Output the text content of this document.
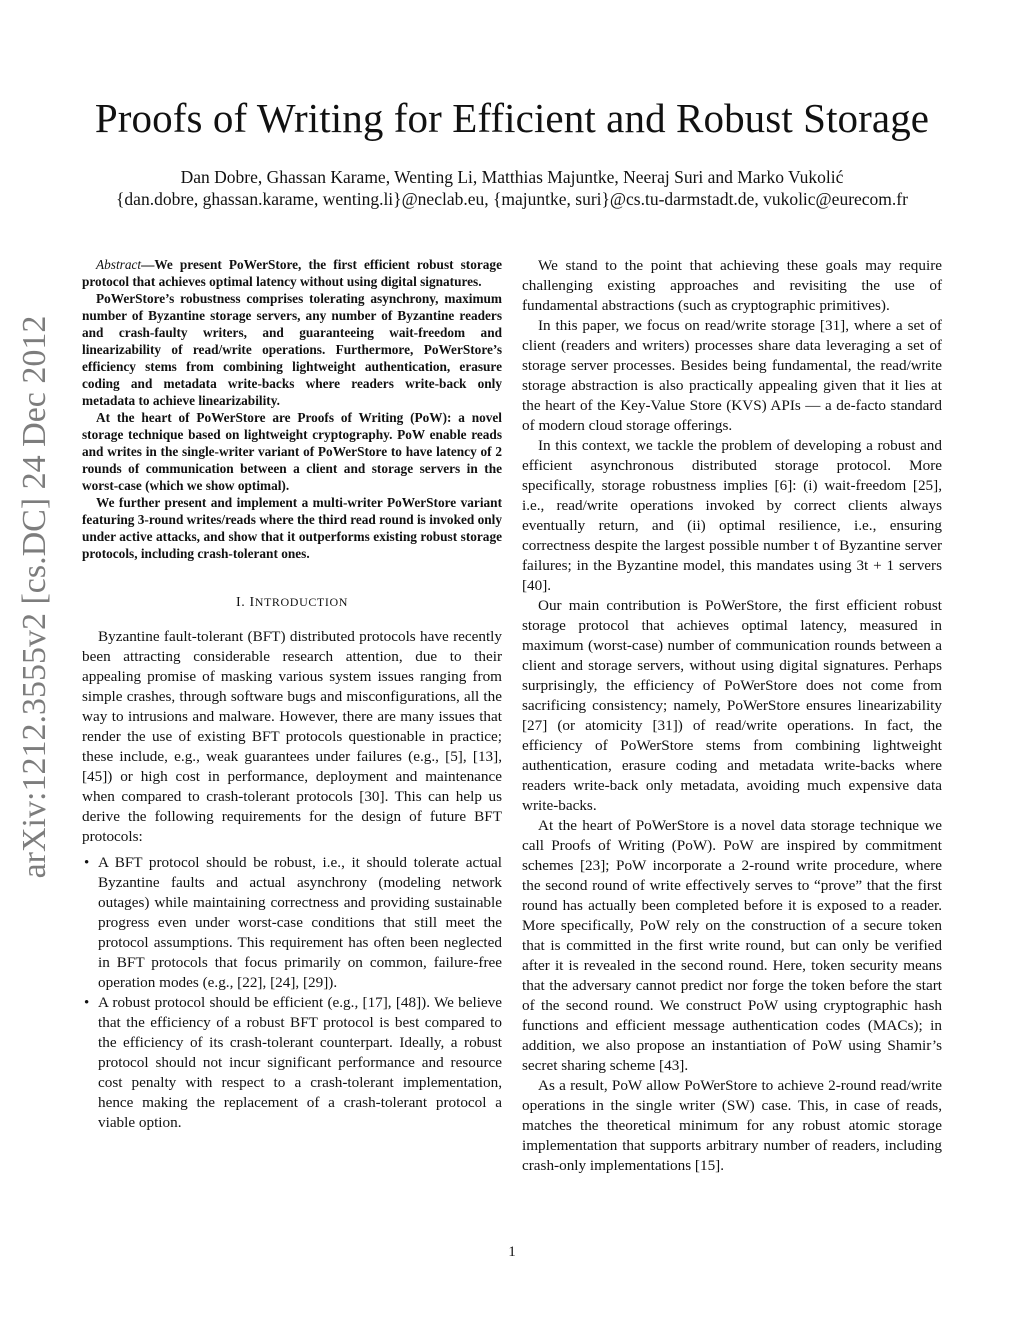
Proofs of Writing for Efficient and Robust Storage
Dan Dobre, Ghassan Karame, Wenting Li, Matthias Majuntke, Neeraj Suri and Marko Vukolić
{dan.dobre, ghassan.karame, wenting.li}@neclab.eu, {majuntke, suri}@cs.tu-darmstadt.de, vukolic@eurecom.fr
arXiv:1212.3555v2 [cs.DC] 24 Dec 2012

Abstract—We present PoWerStore, the first efficient robust storage protocol that achieves optimal latency without using digital signatures.

PoWerStore’s robustness comprises tolerating asynchrony, maximum number of Byzantine storage servers, any number of Byzantine readers and crash-faulty writers, and guaranteeing wait-freedom and linearizability of read/write operations. Furthermore, PoWerStore’s efficiency stems from combining lightweight authentication, erasure coding and metadata write-backs where readers write-back only metadata to achieve linearizability.

At the heart of PoWerStore are Proofs of Writing (PoW): a novel storage technique based on lightweight cryptography. PoW enable reads and writes in the single-writer variant of PoWerStore to have latency of 2 rounds of communication between a client and storage servers in the worst-case (which we show optimal).

We further present and implement a multi-writer PoWerStore variant featuring 3-round writes/reads where the third read round is invoked only under active attacks, and show that it outperforms existing robust storage protocols, including crash-tolerant ones.

I. INTRODUCTION

Byzantine fault-tolerant (BFT) distributed protocols have recently been attracting considerable research attention, due to their appealing promise of masking various system issues ranging from simple crashes, through software bugs and misconfigurations, all the way to intrusions and malware. However, there are many issues that render the use of existing BFT protocols questionable in practice; these include, e.g., weak guarantees under failures (e.g., [5], [13], [45]) or high cost in performance, deployment and maintenance when compared to crash-tolerant protocols [30]. This can help us derive the following requirements for the design of future BFT protocols:

• A BFT protocol should be robust, i.e., it should tolerate actual Byzantine faults and actual asynchrony (modeling network outages) while maintaining correctness and providing sustainable progress even under worst-case conditions that still meet the protocol assumptions. This requirement has often been neglected in BFT protocols that focus primarily on common, failure-free operation modes (e.g., [22], [24], [29]).
• A robust protocol should be efficient (e.g., [17], [48]). We believe that the efficiency of a robust BFT protocol is best compared to the efficiency of its crash-tolerant counterpart. Ideally, a robust protocol should not incur significant performance and resource cost penalty with respect to a crash-tolerant implementation, hence making the replacement of a crash-tolerant protocol a viable option.

We stand to the point that achieving these goals may require challenging existing approaches and revisiting the use of fundamental abstractions (such as cryptographic primitives).

In this paper, we focus on read/write storage [31], where a set of client (readers and writers) processes share data leveraging a set of storage server processes. Besides being fundamental, the read/write storage abstraction is also practically appealing given that it lies at the heart of the Key-Value Store (KVS) APIs — a de-facto standard of modern cloud storage offerings.

In this context, we tackle the problem of developing a robust and efficient asynchronous distributed storage protocol. More specifically, storage robustness implies [6]: (i) wait-freedom [25], i.e., read/write operations invoked by correct clients always eventually return, and (ii) optimal resilience, i.e., ensuring correctness despite the largest possible number t of Byzantine server failures; in the Byzantine model, this mandates using 3t + 1 servers [40].

Our main contribution is PoWerStore, the first efficient robust storage protocol that achieves optimal latency, measured in maximum (worst-case) number of communication rounds between a client and storage servers, without using digital signatures. Perhaps surprisingly, the efficiency of PoWerStore does not come from sacrificing consistency; namely, PoWerStore ensures linearizability [27] (or atomicity [31]) of read/write operations. In fact, the efficiency of PoWerStore stems from combining lightweight authentication, erasure coding and metadata write-backs where readers write-back only metadata, avoiding much expensive data write-backs.

At the heart of PoWerStore is a novel data storage technique we call Proofs of Writing (PoW). PoW are inspired by commitment schemes [23]; PoW incorporate a 2-round write procedure, where the second round of write effectively serves to “prove” that the first round has actually been completed before it is exposed to a reader. More specifically, PoW rely on the construction of a secure token that is committed in the first write round, but can only be verified after it is revealed in the second round. Here, token security means that the adversary cannot predict nor forge the token before the start of the second round. We construct PoW using cryptographic hash functions and efficient message authentication codes (MACs); in addition, we also propose an instantiation of PoW using Shamir’s secret sharing scheme [43].

As a result, PoW allow PoWerStore to achieve 2-round read/write operations in the single writer (SW) case. This, in case of reads, matches the theoretical minimum for any robust atomic storage implementation that supports arbitrary number of readers, including crash-only implementations [15].

1
